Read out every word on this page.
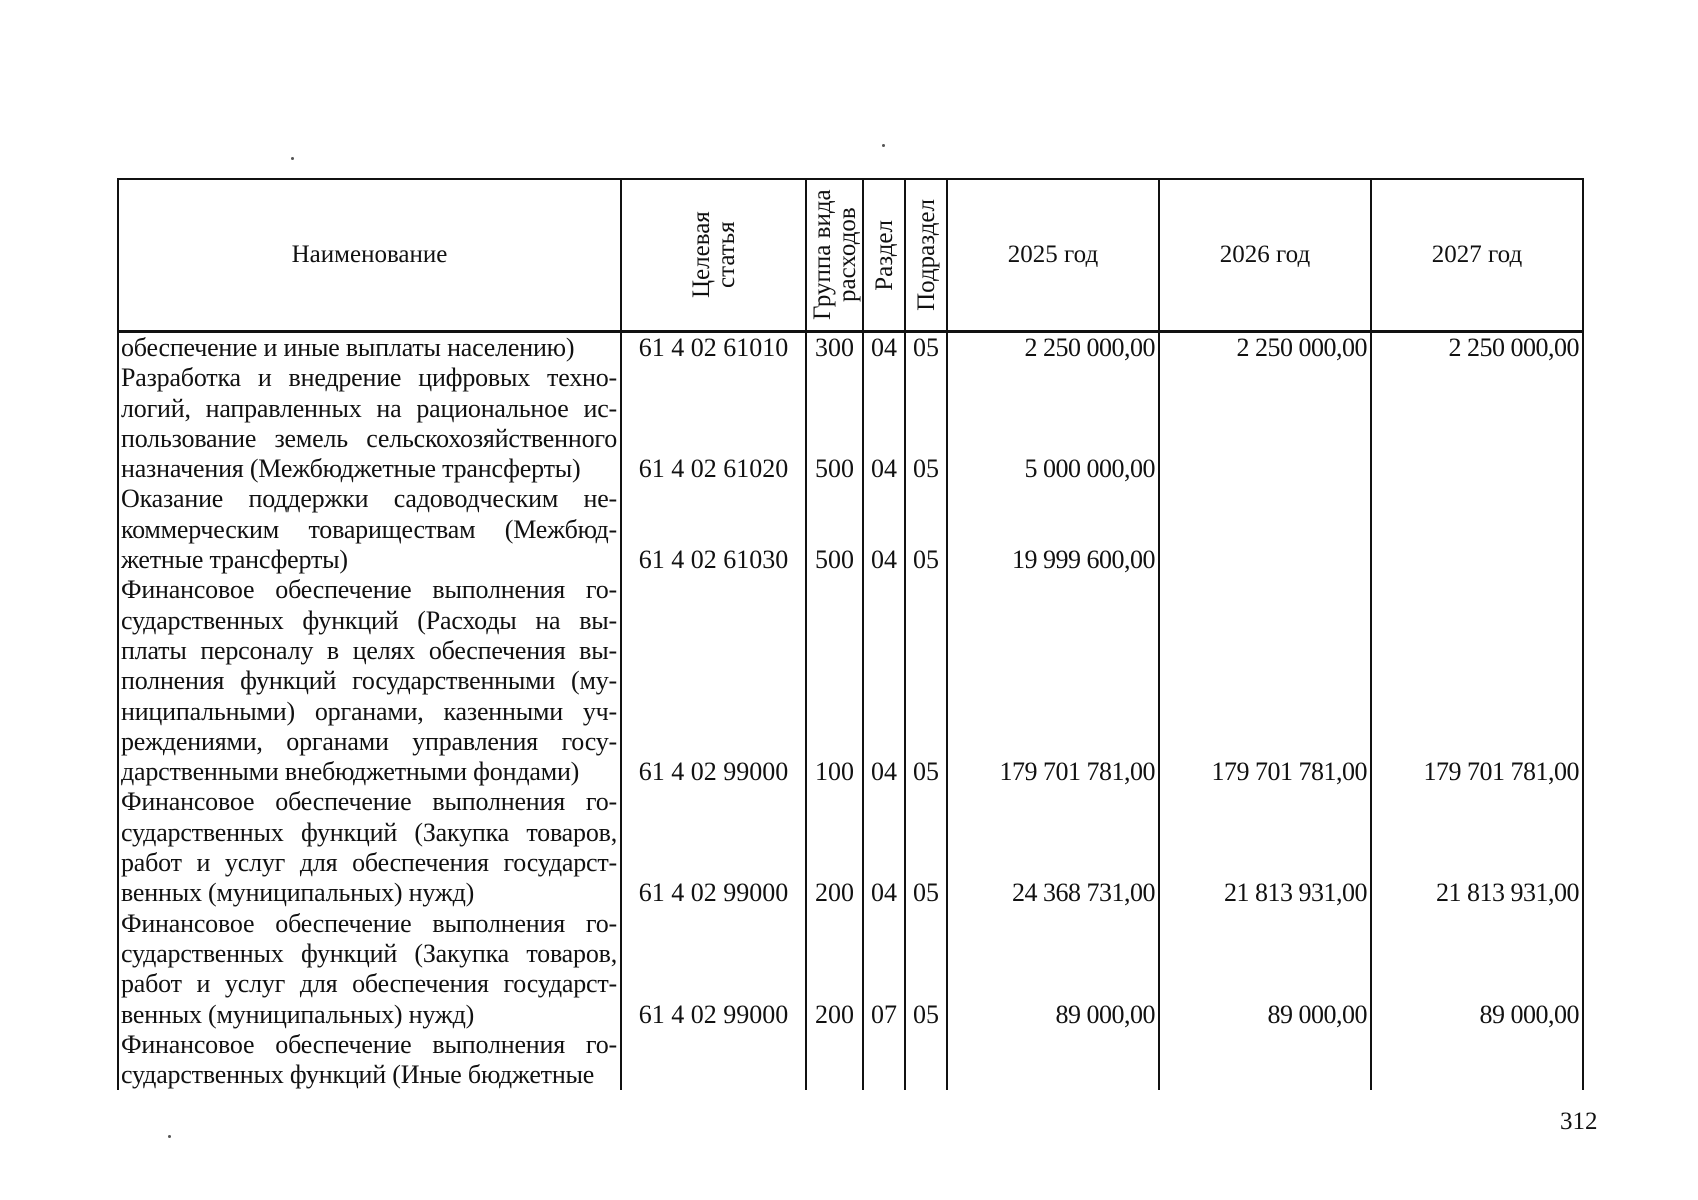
Наименование	Целевая статья	Группа вида расходов	Раздел	Подраздел	2025 год	2026 год	2027 год
обеспечение и иные выплаты населению)	61 4 02 61010	300	04	05	2 250 000,00	2 250 000,00	2 250 000,00
Разработка и внедрение цифровых техно-логий, направленных на рациональное ис-пользование земель сельскохозяйственного назначения (Межбюджетные трансферты)	61 4 02 61020	500	04	05	5 000 000,00		
Оказание поддержки садоводческим не-коммерческим товариществам (Межбюд-жетные трансферты)	61 4 02 61030	500	04	05	19 999 600,00		
Финансовое обеспечение выполнения го-сударственных функций (Расходы на вы-платы персоналу в целях обеспечения вы-полнения функций государственными (му-ниципальными) органами, казенными уч-реждениями, органами управления госу-дарственными внебюджетными фондами)	61 4 02 99000	100	04	05	179 701 781,00	179 701 781,00	179 701 781,00
Финансовое обеспечение выполнения го-сударственных функций (Закупка товаров, работ и услуг для обеспечения государст-венных (муниципальных) нужд)	61 4 02 99000	200	04	05	24 368 731,00	21 813 931,00	21 813 931,00
Финансовое обеспечение выполнения го-сударственных функций (Закупка товаров, работ и услуг для обеспечения государст-венных (муниципальных) нужд)	61 4 02 99000	200	07	05	89 000,00	89 000,00	89 000,00
Финансовое обеспечение выполнения го-сударственных функций (Иные бюджетные							
312
